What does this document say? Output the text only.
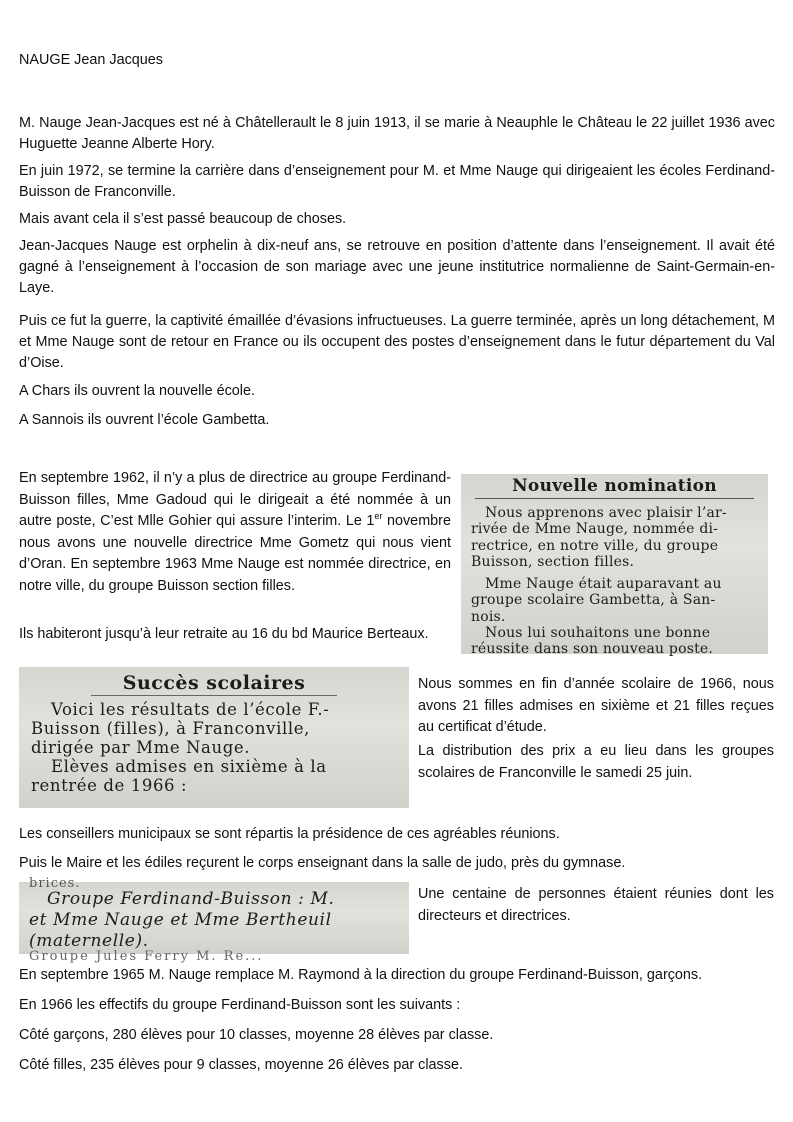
NAUGE Jean Jacques

M. Nauge Jean-Jacques est né à Châtellerault le 8 juin 1913, il se marie à Neauphle le Château le 22 juillet 1936 avec Huguette Jeanne Alberte Hory.

En juin 1972, se termine la carrière dans d’enseignement pour M. et Mme Nauge qui dirigeaient les écoles Ferdinand-Buisson de Franconville.

Mais avant cela il s’est passé beaucoup de choses.

Jean-Jacques Nauge est orphelin à dix-neuf ans, se retrouve en position d’attente dans l’enseignement. Il avait été gagné à l’enseignement à l’occasion de son mariage avec une jeune institutrice normalienne de Saint-Germain-en-Laye.

Puis ce fut la guerre, la captivité émaillée d’évasions infructueuses. La guerre terminée, après un long détachement, M et Mme Nauge sont de retour en France ou ils occupent des postes d’enseignement dans le futur département du Val d’Oise.

A Chars ils ouvrent la nouvelle école.

A Sannois ils ouvrent l’école Gambetta.

En septembre 1962, il n’y a plus de directrice au groupe Ferdinand-Buisson filles, Mme Gadoud qui le dirigeait a été nommée à un autre poste, C’est Mlle Gohier qui assure l’interim. Le 1er novembre nous avons une nouvelle directrice Mme Gometz qui nous vient d’Oran. En septembre 1963 Mme Nauge est nommée directrice, en notre ville, du groupe Buisson section filles.

Ils habiteront jusqu’à leur retraite au 16 du bd Maurice Berteaux.

Nouvelle nomination
Nous apprenons avec plaisir l’ar-
rivée de Mme Nauge, nommée di-
rectrice, en notre ville, du groupe
Buisson, section filles.
Mme Nauge était auparavant au
groupe scolaire Gambetta, à San-
nois.
Nous lui souhaitons une bonne
réussite dans son nouveau poste.
Succès scolaires
Voici les résultats de l’école F.-
Buisson (filles), à Franconville,
dirigée par Mme Nauge.
Elèves admises en sixième à la
rentrée de 1966 :

Nous sommes en fin d’année scolaire de 1966, nous avons 21 filles admises en sixième et 21 filles reçues au certificat d’étude.

La distribution des prix a eu lieu dans les groupes scolaires de Franconville le samedi 25 juin.

Les conseillers municipaux se sont répartis la présidence de ces agréables réunions.

Puis le Maire et les édiles reçurent le corps enseignant dans la salle de judo, près du gymnase.

brices.
Groupe Ferdinand-Buisson : M.
et Mme Nauge et Mme Bertheuil
(maternelle).
Groupe Jules Ferry M. Re...

Une centaine de personnes étaient réunies dont les directeurs et directrices.

En septembre 1965 M. Nauge remplace M. Raymond à la direction du groupe Ferdinand-Buisson, garçons.

En 1966 les effectifs du groupe Ferdinand-Buisson sont les suivants :

Côté garçons, 280 élèves pour 10 classes, moyenne 28 élèves par classe.

Côté filles, 235 élèves pour 9 classes, moyenne 26 élèves par classe.
